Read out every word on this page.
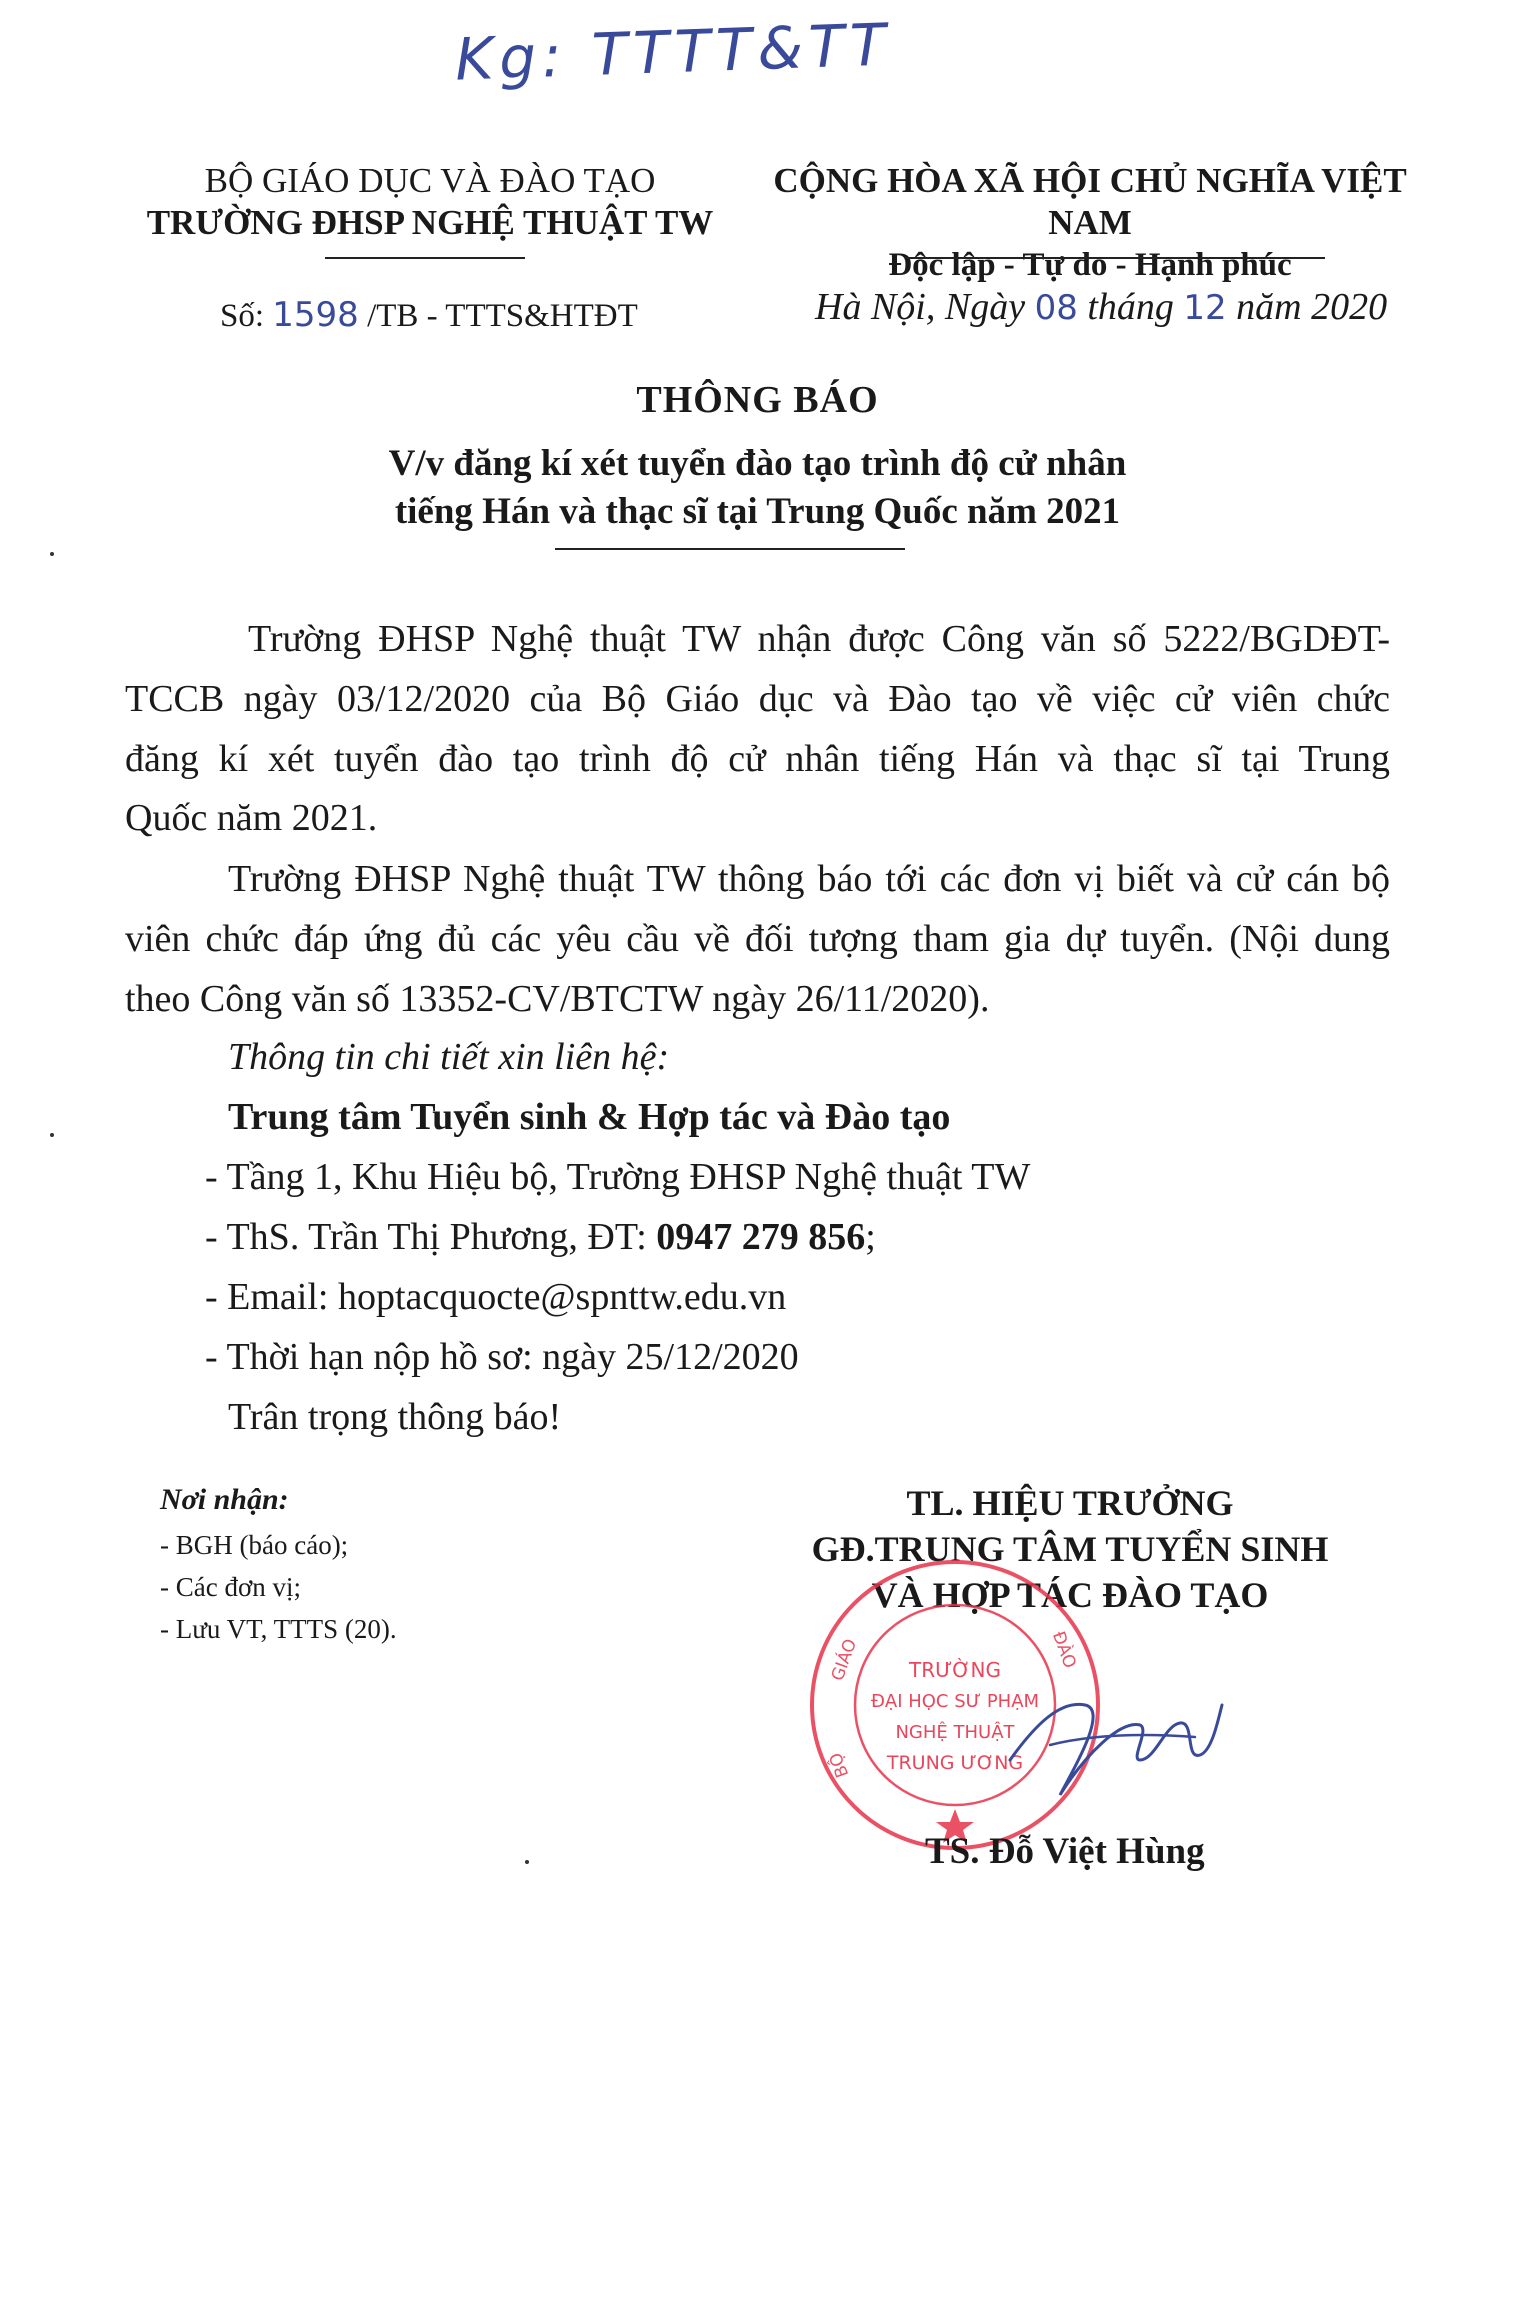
Kg: TTTT&TT
BỘ GIÁO DỤC VÀ ĐÀO TẠO
TRƯỜNG ĐHSP NGHỆ THUẬT TW
CỘNG HÒA XÃ HỘI CHỦ NGHĨA VIỆT NAM
Độc lập - Tự do - Hạnh phúc
Số: 1598 /TB - TTTS&HTĐT	Hà Nội, Ngày 08 tháng 12 năm 2020
THÔNG BÁO
V/v đăng kí xét tuyển đào tạo trình độ cử nhân
tiếng Hán và thạc sĩ tại Trung Quốc năm 2021
Trường ĐHSP Nghệ thuật TW nhận được Công văn số 5222/BGDĐT-
TCCB ngày 03/12/2020 của Bộ Giáo dục và Đào tạo về việc cử viên chức
đăng kí xét tuyển đào tạo trình độ cử nhân tiếng Hán và thạc sĩ tại Trung
Quốc năm 2021.
Trường ĐHSP Nghệ thuật TW thông báo tới các đơn vị biết và cử cán bộ
viên chức đáp ứng đủ các yêu cầu về đối tượng tham gia dự tuyển. (Nội dung
theo Công văn số 13352-CV/BTCTW ngày 26/11/2020).
Thông tin chi tiết xin liên hệ:
Trung tâm Tuyển sinh & Hợp tác và Đào tạo
- Tầng 1, Khu Hiệu bộ, Trường ĐHSP Nghệ thuật TW
- ThS. Trần Thị Phương, ĐT: 0947 279 856;
- Email: hoptacquocte@spnttw.edu.vn
- Thời hạn nộp hồ sơ: ngày 25/12/2020
Trân trọng thông báo!
Nơi nhận:
- BGH (báo cáo);
- Các đơn vị;
- Lưu VT, TTTS (20).
TL. HIỆU TRƯỞNG
GĐ.TRUNG TÂM TUYỂN SINH
VÀ HỢP TÁC ĐÀO TẠO
TRƯỜNG
ĐẠI HỌC SƯ PHẠM
NGHỆ THUẬT
TRUNG ƯƠNG
GIÁO	ĐÀO
BỘ
TS. Đỗ Việt Hùng
